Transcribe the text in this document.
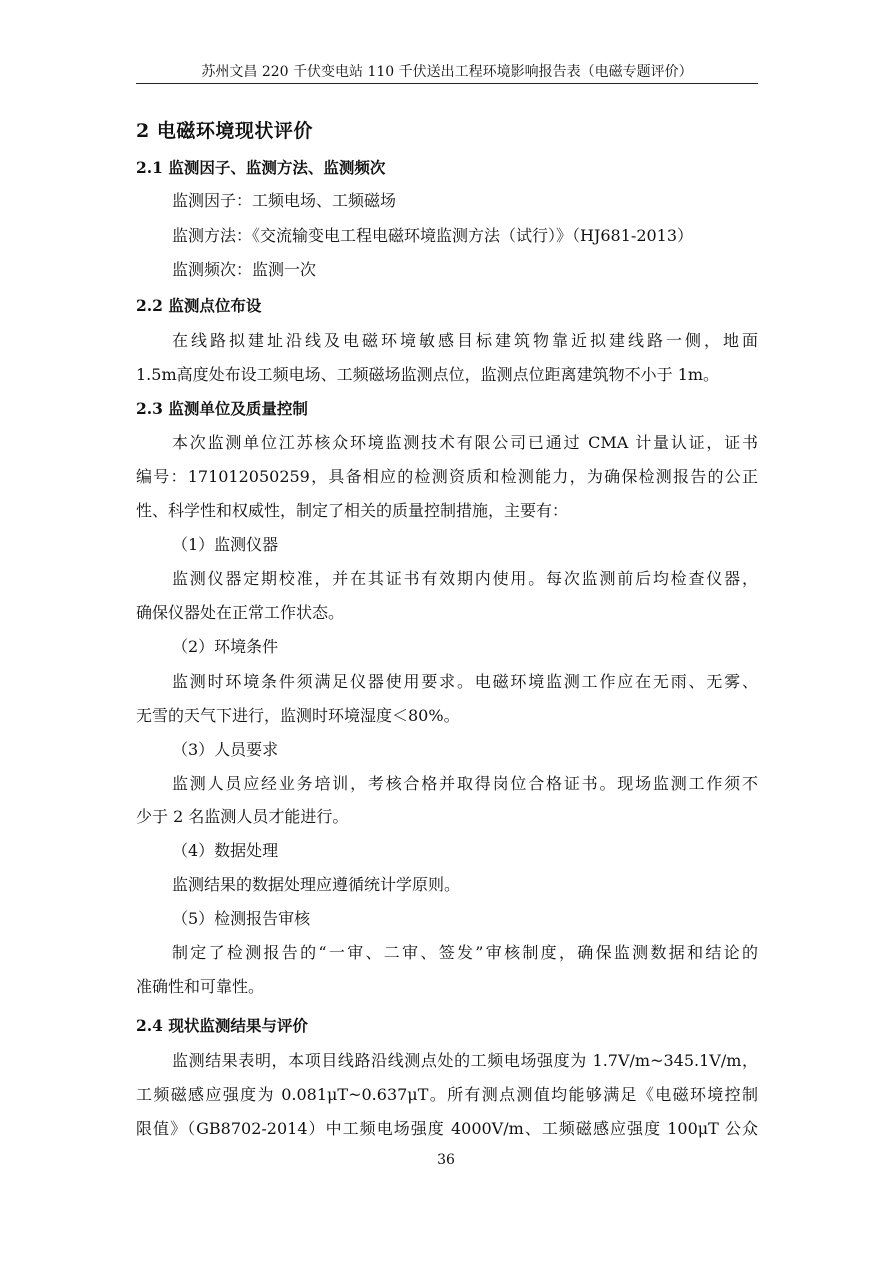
苏州文昌 220 千伏变电站 110 千伏送出工程环境影响报告表（电磁专题评价）
2 电磁环境现状评价
2.1 监测因子、监测方法、监测频次
监测因子：工频电场、工频磁场
监测方法：《交流输变电工程电磁环境监测方法（试行）》（HJ681-2013）
监测频次：监测一次
2.2 监测点位布设
在线路拟建址沿线及电磁环境敏感目标建筑物靠近拟建线路一侧，地面
1.5m高度处布设工频电场、工频磁场监测点位，监测点位距离建筑物不小于 1m。
2.3 监测单位及质量控制
本次监测单位江苏核众环境监测技术有限公司已通过 CMA 计量认证，证书
编号：171012050259，具备相应的检测资质和检测能力，为确保检测报告的公正
性、科学性和权威性，制定了相关的质量控制措施，主要有：
（1）监测仪器
监测仪器定期校准，并在其证书有效期内使用。每次监测前后均检查仪器，
确保仪器处在正常工作状态。
（2）环境条件
监测时环境条件须满足仪器使用要求。电磁环境监测工作应在无雨、无雾、
无雪的天气下进行，监测时环境湿度＜80%。
（3）人员要求
监测人员应经业务培训，考核合格并取得岗位合格证书。现场监测工作须不
少于 2 名监测人员才能进行。
（4）数据处理
监测结果的数据处理应遵循统计学原则。
（5）检测报告审核
制定了检测报告的“一审、二审、签发”审核制度，确保监测数据和结论的
准确性和可靠性。
2.4 现状监测结果与评价
监测结果表明，本项目线路沿线测点处的工频电场强度为 1.7V/m~345.1V/m，
工频磁感应强度为 0.081μT~0.637μT。所有测点测值均能够满足《电磁环境控制
限值》（GB8702-2014）中工频电场强度 4000V/m、工频磁感应强度 100μT 公众
36
